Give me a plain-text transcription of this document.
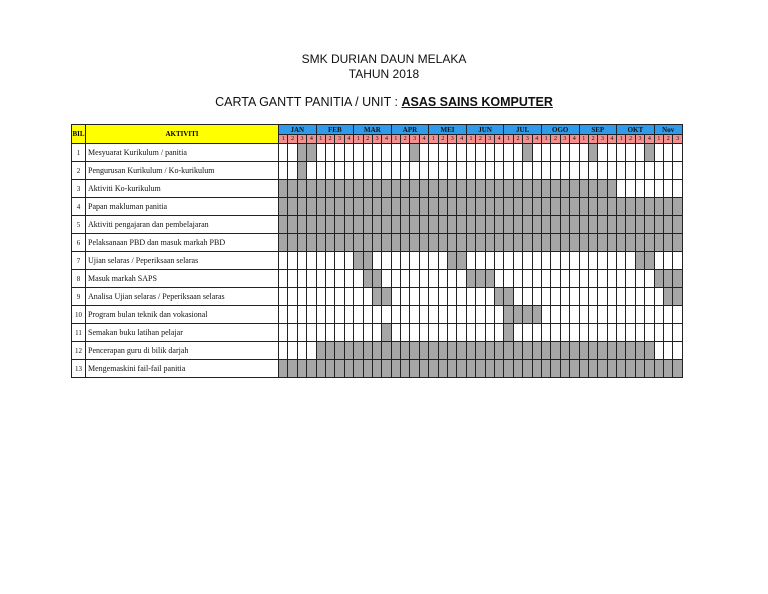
SMK DURIAN DAUN MELAKA
TAHUN 2018
CARTA GANTT PANITIA / UNIT : ASAS SAINS KOMPUTER
BIL	AKTIVITI	JAN				FEB				MAR				APR				MEI				JUN				JUL				OGO				SEP				OKT				Nov		
		1	2	3	4	1	2	3	4	1	2	3	4	1	2	3	4	1	2	3	4	1	2	3	4	1	2	3	4	1	2	3	4	1	2	3	4	1	2	3	4	1	2	3
1	Mesyuarat Kurikulum / panitia																																											
2	Pengurusan Kurikulum / Ko-kurikulum																																											
3	Aktiviti Ko-kurikulum																																											
4	Papan makluman panitia																																											
5	Aktiviti pengajaran dan pembelajaran																																											
6	Pelaksanaan PBD dan masuk markah PBD																																											
7	Ujian selaras / Peperiksaan selaras																																											
8	Masuk markah SAPS																																											
9	Analisa Ujian selaras / Peperiksaan selaras																																											
10	Program bulan teknik dan vokasional																																											
11	Semakan buku latihan pelajar																																											
12	Pencerapan guru di bilik darjah																																											
13	Mengemaskini fail-fail panitia																																											
